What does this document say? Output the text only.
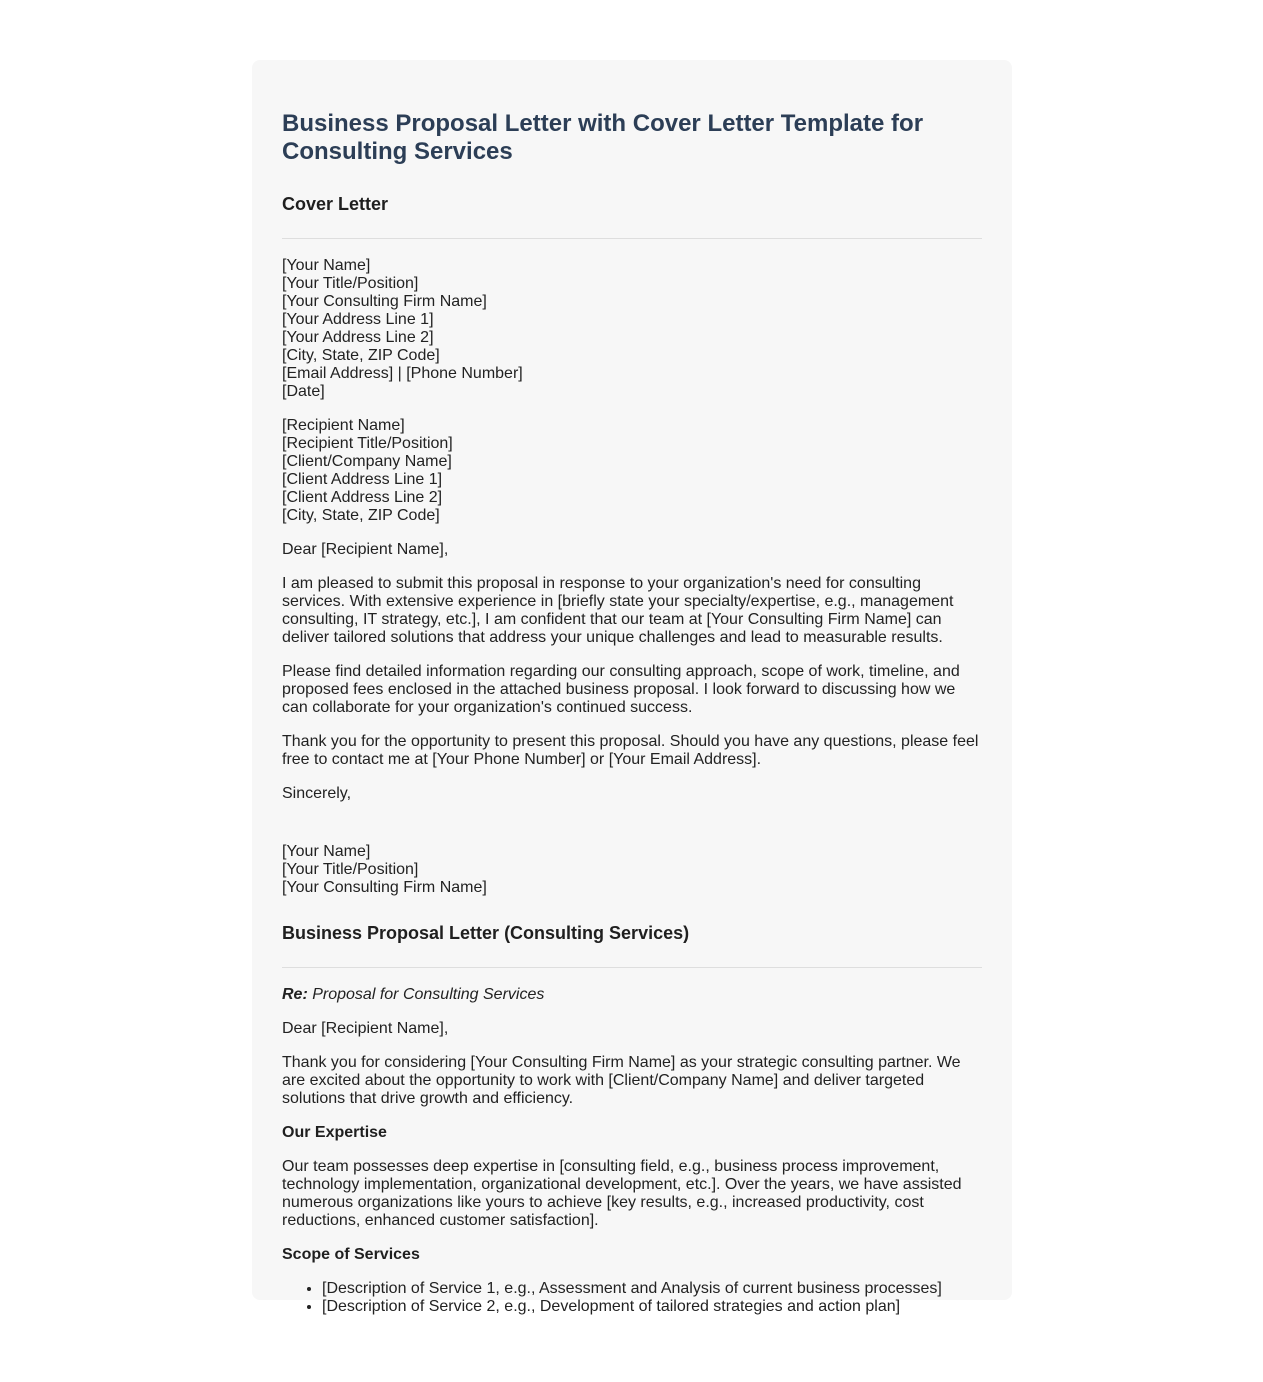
Business Proposal Letter with Cover Letter Template for Consulting Services
Cover Letter
[Your Name]
[Your Title/Position]
[Your Consulting Firm Name]
[Your Address Line 1]
[Your Address Line 2]
[City, State, ZIP Code]
[Email Address] | [Phone Number]
[Date]
[Recipient Name]
[Recipient Title/Position]
[Client/Company Name]
[Client Address Line 1]
[Client Address Line 2]
[City, State, ZIP Code]

Dear [Recipient Name],

I am pleased to submit this proposal in response to your organization's need for consulting services. With extensive experience in [briefly state your specialty/expertise, e.g., management consulting, IT strategy, etc.], I am confident that our team at [Your Consulting Firm Name] can deliver tailored solutions that address your unique challenges and lead to measurable results.

Please find detailed information regarding our consulting approach, scope of work, timeline, and proposed fees enclosed in the attached business proposal. I look forward to discussing how we can collaborate for your organization's continued success.

Thank you for the opportunity to present this proposal. Should you have any questions, please feel free to contact me at [Your Phone Number] or [Your Email Address].

Sincerely,

[Your Name]
[Your Title/Position]
[Your Consulting Firm Name]
Business Proposal Letter (Consulting Services)

Re: Proposal for Consulting Services

Dear [Recipient Name],

Thank you for considering [Your Consulting Firm Name] as your strategic consulting partner. We are excited about the opportunity to work with [Client/Company Name] and deliver targeted solutions that drive growth and efficiency.

Our Expertise

Our team possesses deep expertise in [consulting field, e.g., business process improvement, technology implementation, organizational development, etc.]. Over the years, we have assisted numerous organizations like yours to achieve [key results, e.g., increased productivity, cost reductions, enhanced customer satisfaction].

Scope of Services
• [Description of Service 1, e.g., Assessment and Analysis of current business processes]
• [Description of Service 2, e.g., Development of tailored strategies and action plan]
